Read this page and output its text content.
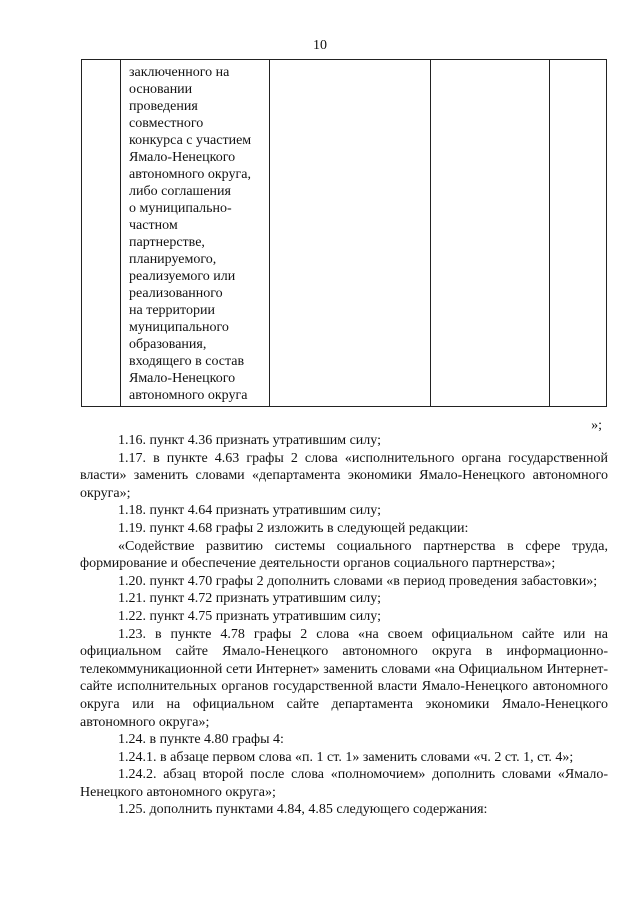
10

заключенного на
основании
проведения
совместного
конкурса с участием
Ямало-Ненецкого
автономного округа,
либо соглашения
о муниципально-
частном
партнерстве,
планируемого,
реализуемого или
реализованного
на территории
муниципального
образования,
входящего в состав
Ямало-Ненецкого
автономного округа

»;

1.16. пункт 4.36 признать утратившим силу;

1.17. в пункте 4.63 графы 2 слова «исполнительного органа государственной власти» заменить словами «департамента экономики Ямало-Ненецкого автономного округа»;

1.18. пункт 4.64 признать утратившим силу;

1.19. пункт 4.68 графы 2 изложить в следующей редакции:

«Содействие развитию системы социального партнерства в сфере труда, формирование и обеспечение деятельности органов социального партнерства»;

1.20. пункт 4.70 графы 2 дополнить словами «в период проведения забастовки»;

1.21. пункт 4.72 признать утратившим силу;

1.22. пункт 4.75 признать утратившим силу;

1.23. в пункте 4.78 графы 2 слова «на своем официальном сайте или на официальном сайте Ямало-Ненецкого автономного округа в информационно-телекоммуникационной сети Интернет» заменить словами «на Официальном Интернет-сайте исполнительных органов государственной власти Ямало-Ненецкого автономного округа или на официальном сайте департамента экономики Ямало-Ненецкого автономного округа»;

1.24. в пункте 4.80 графы 4:

1.24.1. в абзаце первом слова «п. 1 ст. 1» заменить словами «ч. 2 ст. 1, ст. 4»;

1.24.2. абзац второй после слова «полномочием» дополнить словами «Ямало-Ненецкого автономного округа»;

1.25. дополнить пунктами 4.84, 4.85 следующего содержания:
